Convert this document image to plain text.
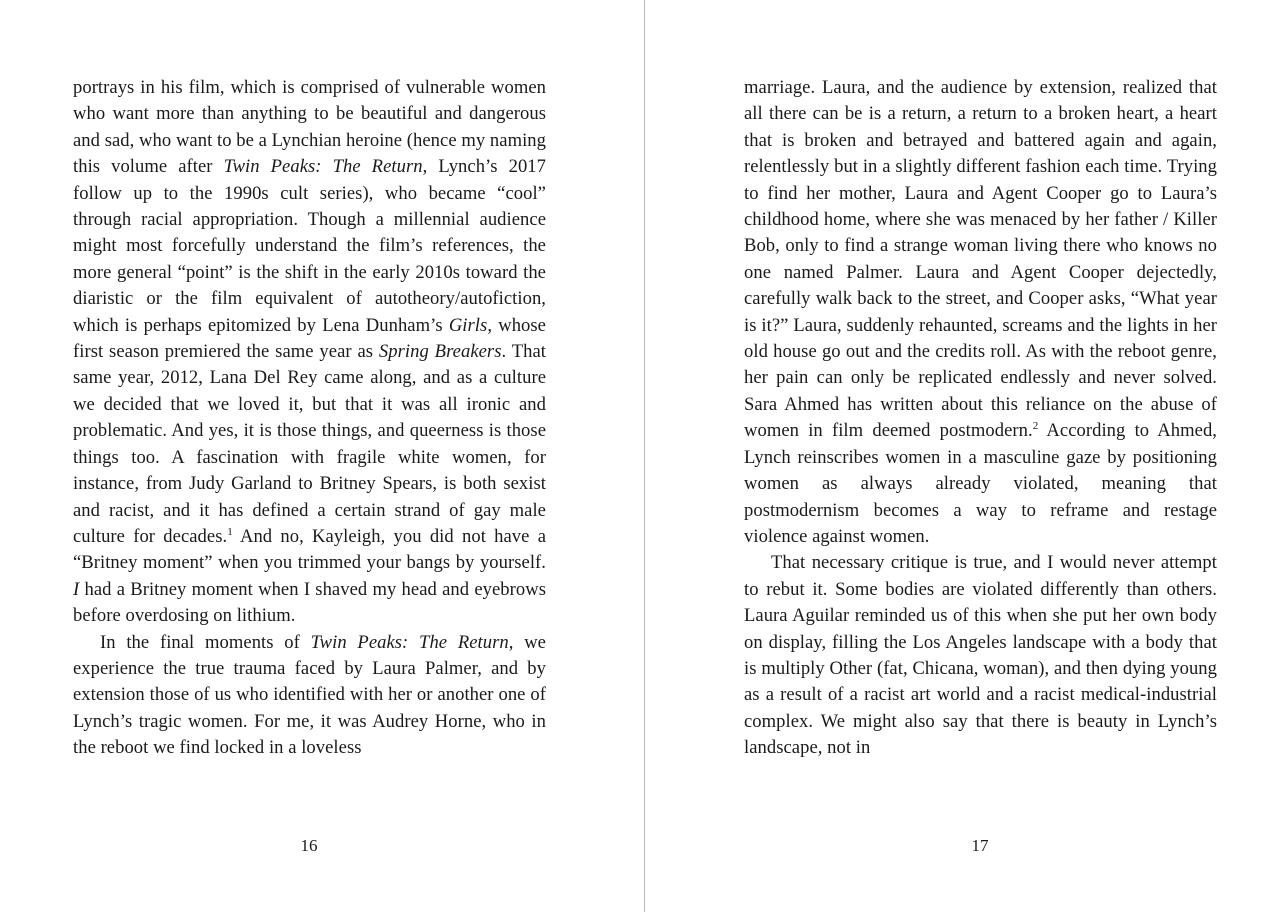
portrays in his film, which is comprised of vulnerable women who want more than anything to be beautiful and dangerous and sad, who want to be a Lynchian heroine (hence my naming this volume after Twin Peaks: The Return, Lynch’s 2017 follow up to the 1990s cult series), who became “cool” through racial appropriation. Though a millennial audience might most forcefully understand the film’s references, the more general “point” is the shift in the early 2010s toward the diaristic or the film equivalent of autotheory/autofiction, which is perhaps epitomized by Lena Dunham’s Girls, whose first season premiered the same year as Spring Breakers. That same year, 2012, Lana Del Rey came along, and as a culture we decided that we loved it, but that it was all ironic and problematic. And yes, it is those things, and queerness is those things too. A fascination with fragile white women, for instance, from Judy Garland to Britney Spears, is both sexist and racist, and it has defined a certain strand of gay male culture for decades.$^1$ And no, Kayleigh, you did not have a “Britney moment” when you trimmed your bangs by yourself. I had a Britney moment when I shaved my head and eyebrows before overdosing on lithium.

In the final moments of Twin Peaks: The Return, we experience the true trauma faced by Laura Palmer, and by extension those of us who identified with her or another one of Lynch’s tragic women. For me, it was Audrey Horne, who in the reboot we find locked in a loveless

16

marriage. Laura, and the audience by extension, realized that all there can be is a return, a return to a broken heart, a heart that is broken and betrayed and battered again and again, relentlessly but in a slightly different fashion each time. Trying to find her mother, Laura and Agent Cooper go to Laura’s childhood home, where she was menaced by her father / Killer Bob, only to find a strange woman living there who knows no one named Palmer. Laura and Agent Cooper dejectedly, carefully walk back to the street, and Cooper asks, “What year is it?” Laura, suddenly rehaunted, screams and the lights in her old house go out and the credits roll. As with the reboot genre, her pain can only be replicated endlessly and never solved. Sara Ahmed has written about this reliance on the abuse of women in film deemed postmodern.$^2$ According to Ahmed, Lynch reinscribes women in a masculine gaze by positioning women as always already violated, meaning that postmodernism becomes a way to reframe and restage violence against women.

That necessary critique is true, and I would never attempt to rebut it. Some bodies are violated differently than others. Laura Aguilar reminded us of this when she put her own body on display, filling the Los Angeles landscape with a body that is multiply Other (fat, Chicana, woman), and then dying young as a result of a racist art world and a racist medical-industrial complex. We might also say that there is beauty in Lynch’s landscape, not in

17
